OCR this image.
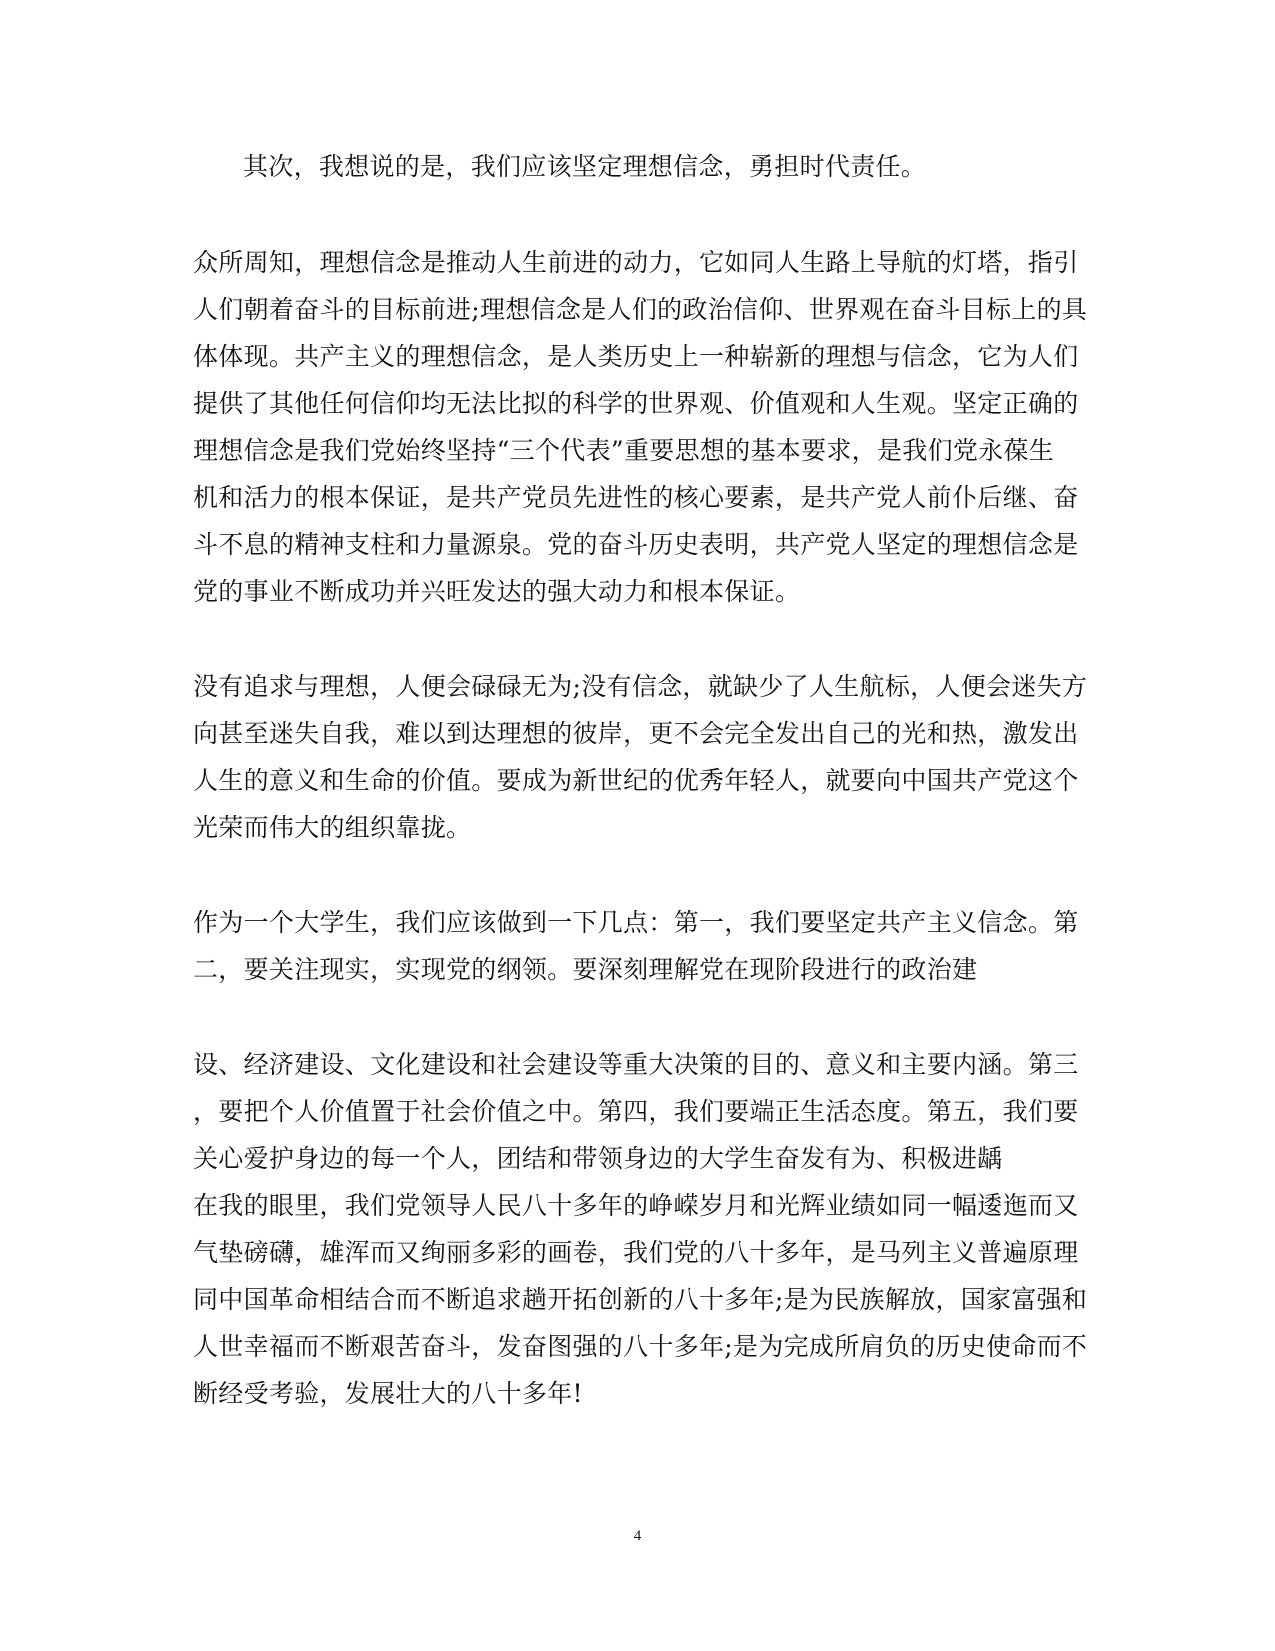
其次，我想说的是，我们应该坚定理想信念，勇担时代责任。
众所周知，理想信念是推动人生前进的动力，它如同人生路上导航的灯塔，指引
人们朝着奋斗的目标前进;理想信念是人们的政治信仰、世界观在奋斗目标上的具
体体现。共产主义的理想信念，是人类历史上一种崭新的理想与信念，它为人们
提供了其他任何信仰均无法比拟的科学的世界观、价值观和人生观。坚定正确的
理想信念是我们党始终坚持“三个代表”重要思想的基本要求，是我们党永葆生
机和活力的根本保证，是共产党员先进性的核心要素，是共产党人前仆后继、奋
斗不息的精神支柱和力量源泉。党的奋斗历史表明，共产党人坚定的理想信念是
党的事业不断成功并兴旺发达的强大动力和根本保证。
没有追求与理想，人便会碌碌无为;没有信念，就缺少了人生航标，人便会迷失方
向甚至迷失自我，难以到达理想的彼岸，更不会完全发出自己的光和热，激发出
人生的意义和生命的价值。要成为新世纪的优秀年轻人，就要向中国共产党这个
光荣而伟大的组织靠拢。
作为一个大学生，我们应该做到一下几点：第一，我们要坚定共产主义信念。第
二，要关注现实，实现党的纲领。要深刻理解党在现阶段进行的政治建
设、经济建设、文化建设和社会建设等重大决策的目的、意义和主要内涵。第三
，要把个人价值置于社会价值之中。第四，我们要端正生活态度。第五，我们要
关心爱护身边的每一个人，团结和带领身边的大学生奋发有为、积极进龋
在我的眼里，我们党领导人民八十多年的峥嵘岁月和光辉业绩如同一幅逶迤而又
气垫磅礴，雄浑而又绚丽多彩的画卷，我们党的八十多年，是马列主义普遍原理
同中国革命相结合而不断追求趟开拓创新的八十多年;是为民族解放，国家富强和
人世幸福而不断艰苦奋斗，发奋图强的八十多年;是为完成所肩负的历史使命而不
断经受考验，发展壮大的八十多年!
4
